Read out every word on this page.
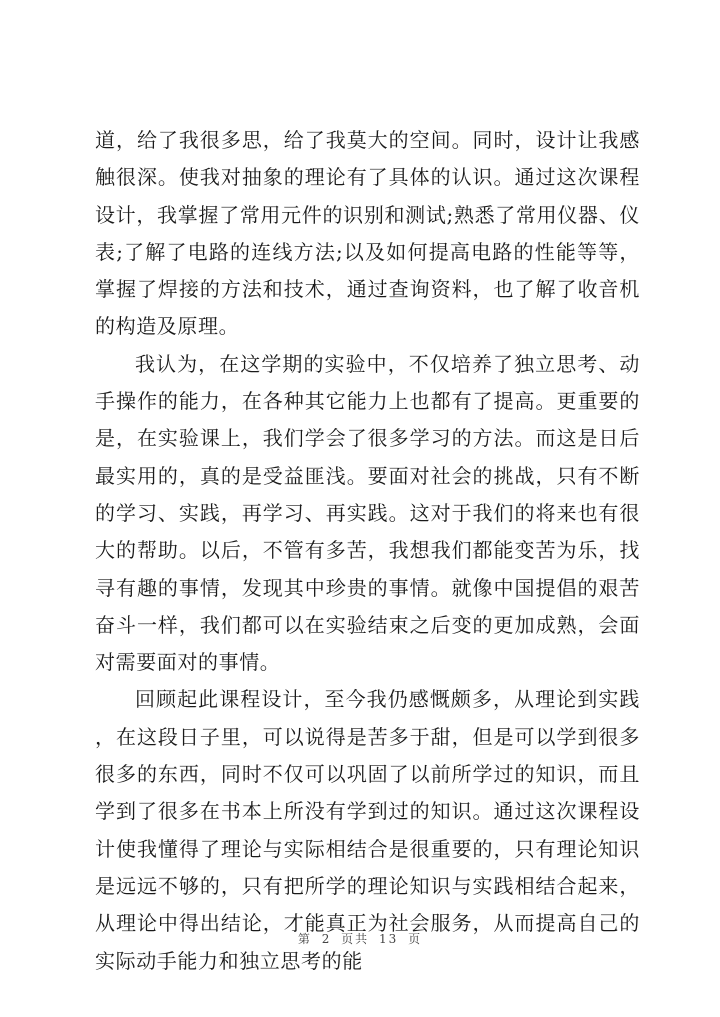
道，给了我很多思，给了我莫大的空间。同时，设计让我感触很深。使我对抽象的理论有了具体的认识。通过这次课程设计，我掌握了常用元件的识别和测试;熟悉了常用仪器、仪表;了解了电路的连线方法;以及如何提高电路的性能等等，掌握了焊接的方法和技术，通过查询资料，也了解了收音机的构造及原理。

我认为，在这学期的实验中，不仅培养了独立思考、动手操作的能力，在各种其它能力上也都有了提高。更重要的是，在实验课上，我们学会了很多学习的方法。而这是日后最实用的，真的是受益匪浅。要面对社会的挑战，只有不断的学习、实践，再学习、再实践。这对于我们的将来也有很大的帮助。以后，不管有多苦，我想我们都能变苦为乐，找寻有趣的事情，发现其中珍贵的事情。就像中国提倡的艰苦奋斗一样，我们都可以在实验结束之后变的更加成熟，会面对需要面对的事情。

回顾起此课程设计，至今我仍感慨颇多，从理论到实践，在这段日子里，可以说得是苦多于甜，但是可以学到很多很多的东西，同时不仅可以巩固了以前所学过的知识，而且学到了很多在书本上所没有学到过的知识。通过这次课程设计使我懂得了理论与实际相结合是很重要的，只有理论知识是远远不够的，只有把所学的理论知识与实践相结合起来，从理论中得出结论，才能真正为社会服务，从而提高自己的实际动手能力和独立思考的能

第 2 页共 13 页
